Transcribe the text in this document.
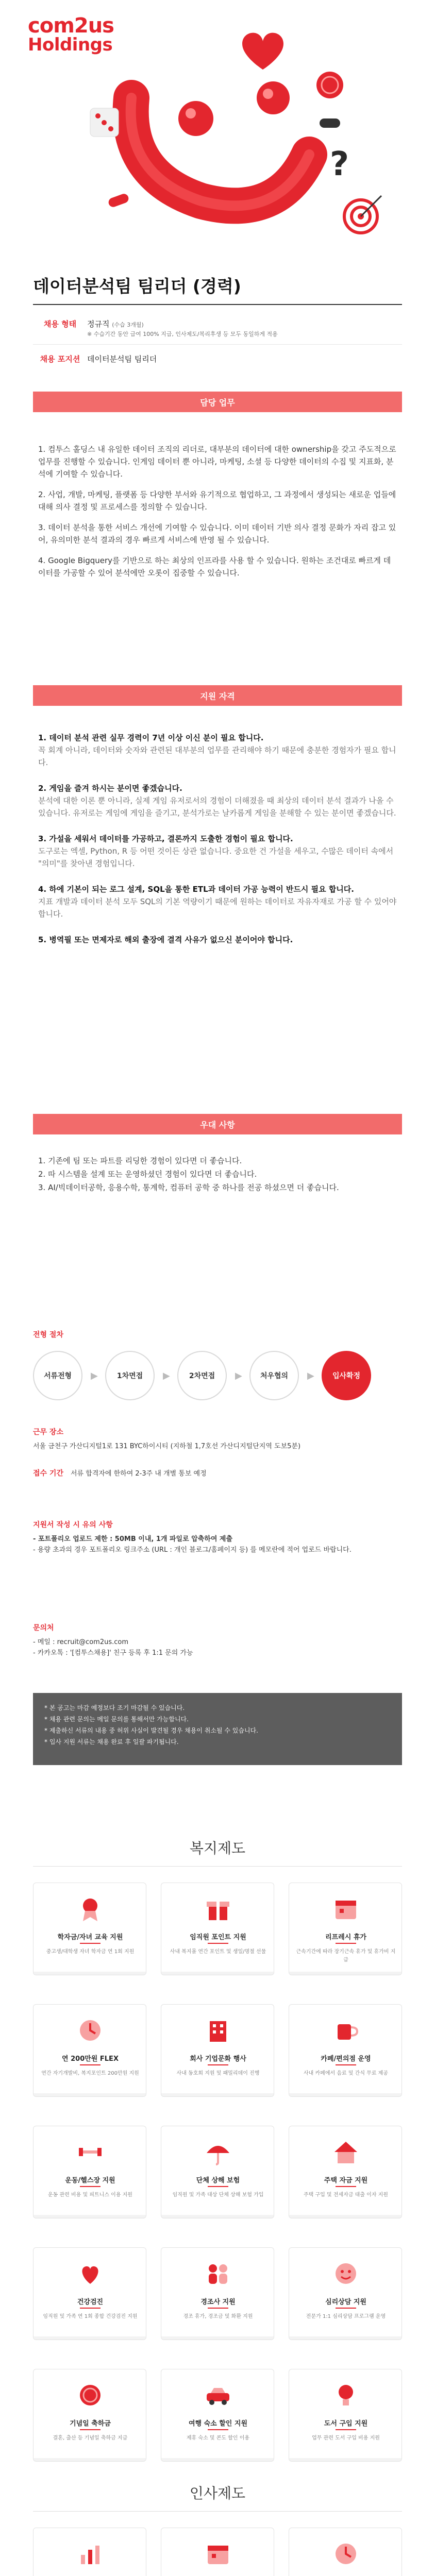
?
com2us
Holdings
데이터분석팀 팀리더 (경력)
채용 형태	정규직 (수습 3개월)
※ 수습기간 동안 급여 100% 지급, 인사제도/복리후생 등 모두 동일하게 적용
채용 포지션 데이터분석팀 팀리더
담당 업무

1. 컴투스 홀딩스 내 유일한 데이터 조직의 리더로, 대부분의 데이터에 대한 ownership을 갖고 주도적으로 업무를 진행할 수 있습니다. 인게임 데이터 뿐 아니라, 마케팅, 소셜 등 다양한 데이터의 수집 및 지표화, 분석에 기여할 수 있습니다.

2. 사업, 개발, 마케팅, 플랫폼 등 다양한 부서와 유기적으로 협업하고, 그 과정에서 생성되는 새로운 업들에 대해 의사 결정 및 프로세스를 정의할 수 있습니다.

3. 데이터 분석을 통한 서비스 개선에 기여할 수 있습니다. 이미 데이터 기반 의사 결정 문화가 자리 잡고 있어, 유의미한 분석 결과의 경우 빠르게 서비스에 반영 될 수 있습니다.

4. Google Bigquery를 기반으로 하는 최상의 인프라를 사용 할 수 있습니다. 원하는 조건대로 빠르게 데이터를 가공할 수 있어 분석에만 오롯이 집중할 수 있습니다.

지원 자격
1. 데이터 분석 관련 실무 경력이 7년 이상 이신 분이 필요 합니다.
꼭 회계 아니라, 데이터와 숫자와 관련된 대부분의 업무를 관리해야 하기 때문에 충분한 경험자가 필요 합니다.
2. 게임을 즐겨 하시는 분이면 좋겠습니다.
분석에 대한 이론 뿐 아니라, 실제 게임 유저로서의 경험이 더해졌을 때 최상의 데이터 분석 결과가 나올 수 있습니다. 유저로는 게임에 게임을 즐기고, 분석가로는 날카롭게 게임을 분해할 수 있는 분이면 좋겠습니다.
3. 가설을 세워서 데이터를 가공하고, 결론까지 도출한 경험이 필요 합니다.
도구로는 엑셀, Python, R 등 어떤 것이든 상관 없습니다. 중요한 건 가설을 세우고, 수많은 데이터 속에서 "의미"를 찾아낸 경험입니다.
4. 하에 기본이 되는 로그 설계, SQL을 통한 ETL과 데이터 가공 능력이 반드시 필요 합니다.
지표 개발과 데이터 분석 모두 SQL의 기본 역량이기 때문에 원하는 데이터로 자유자재로 가공 할 수 있어야 합니다.
5. 병역필 또는 면제자로 해외 출장에 결격 사유가 없으신 분이어야 합니다.
우대 사항
1. 기존에 팀 또는 파트를 리딩한 경험이 있다면 더 좋습니다.
2. 따 시스템을 설계 또는 운영하셨던 경험이 있다면 더 좋습니다.
3. AI/빅데이터공학, 응용수학, 통계학, 컴퓨터 공학 중 하나를 전공 하셨으면 더 좋습니다.
전형 절차
서류전형	▶	1차면접	▶	2차면접	▶	처우협의	▶	입사확정
근무 장소
서울 금천구 가산디지털1로 131 BYC하이시티 (지하철 1,7호선 가산디지털단지역 도보5분)
접수 기간 서류 합격자에 한하여 2-3주 내 개별 통보 예정
지원서 작성 시 유의 사항
- 포트폴리오 업로드 제한 : 50MB 이내, 1개 파일로 압축하여 제출
- 용량 초과의 경우 포트폴리오 링크주소 (URL : 개인 블로그/홈페이지 등) 를 메모란에 적어 업로드 바랍니다.
문의처
- 메일 : recruit@com2us.com
- 카카오톡 : '[컴투스채용]' 친구 등록 후 1:1 문의 가능
* 본 공고는 마감 예정보다 조기 마감될 수 있습니다.
* 채용 관련 문의는 메일 문의를 통해서만 가능합니다.
* 제출하신 서류의 내용 중 허위 사실이 발견될 경우 채용이 취소될 수 있습니다.
* 입사 지원 서류는 채용 완료 후 일괄 파기됩니다.
복지제도
학자금/자녀 교육 지원
중고생/대학생 자녀 학자금 연 1회 지원
임직원 포인트 지원
사내 복지몰 연간 포인트 및 생일/명절 선물
리프레시 휴가
근속기간에 따라 장기근속 휴가 및 휴가비 지급
연 200만원 FLEX
연간 자기개발비, 복지포인트 200만원 지원
회사 기업문화 행사
사내 동호회 지원 및 패밀리데이 진행
카페/편의점 운영
사내 카페에서 음료 및 간식 무료 제공
운동/헬스장 지원
운동 관련 비용 및 피트니스 이용 지원
단체 상해 보험
임직원 및 가족 대상 단체 상해 보험 가입
주택 자금 지원
주택 구입 및 전세자금 대출 이자 지원
건강검진
임직원 및 가족 연 1회 종합 건강검진 지원
경조사 지원
경조 휴가, 경조금 및 화환 지원
심리상담 지원
전문가 1:1 심리상담 프로그램 운영
기념일 축하금
결혼, 출산 등 기념일 축하금 지급
여행 숙소 할인 지원
제휴 숙소 및 콘도 할인 이용
도서 구입 지원
업무 관련 도서 구입 비용 지원
인사제도
